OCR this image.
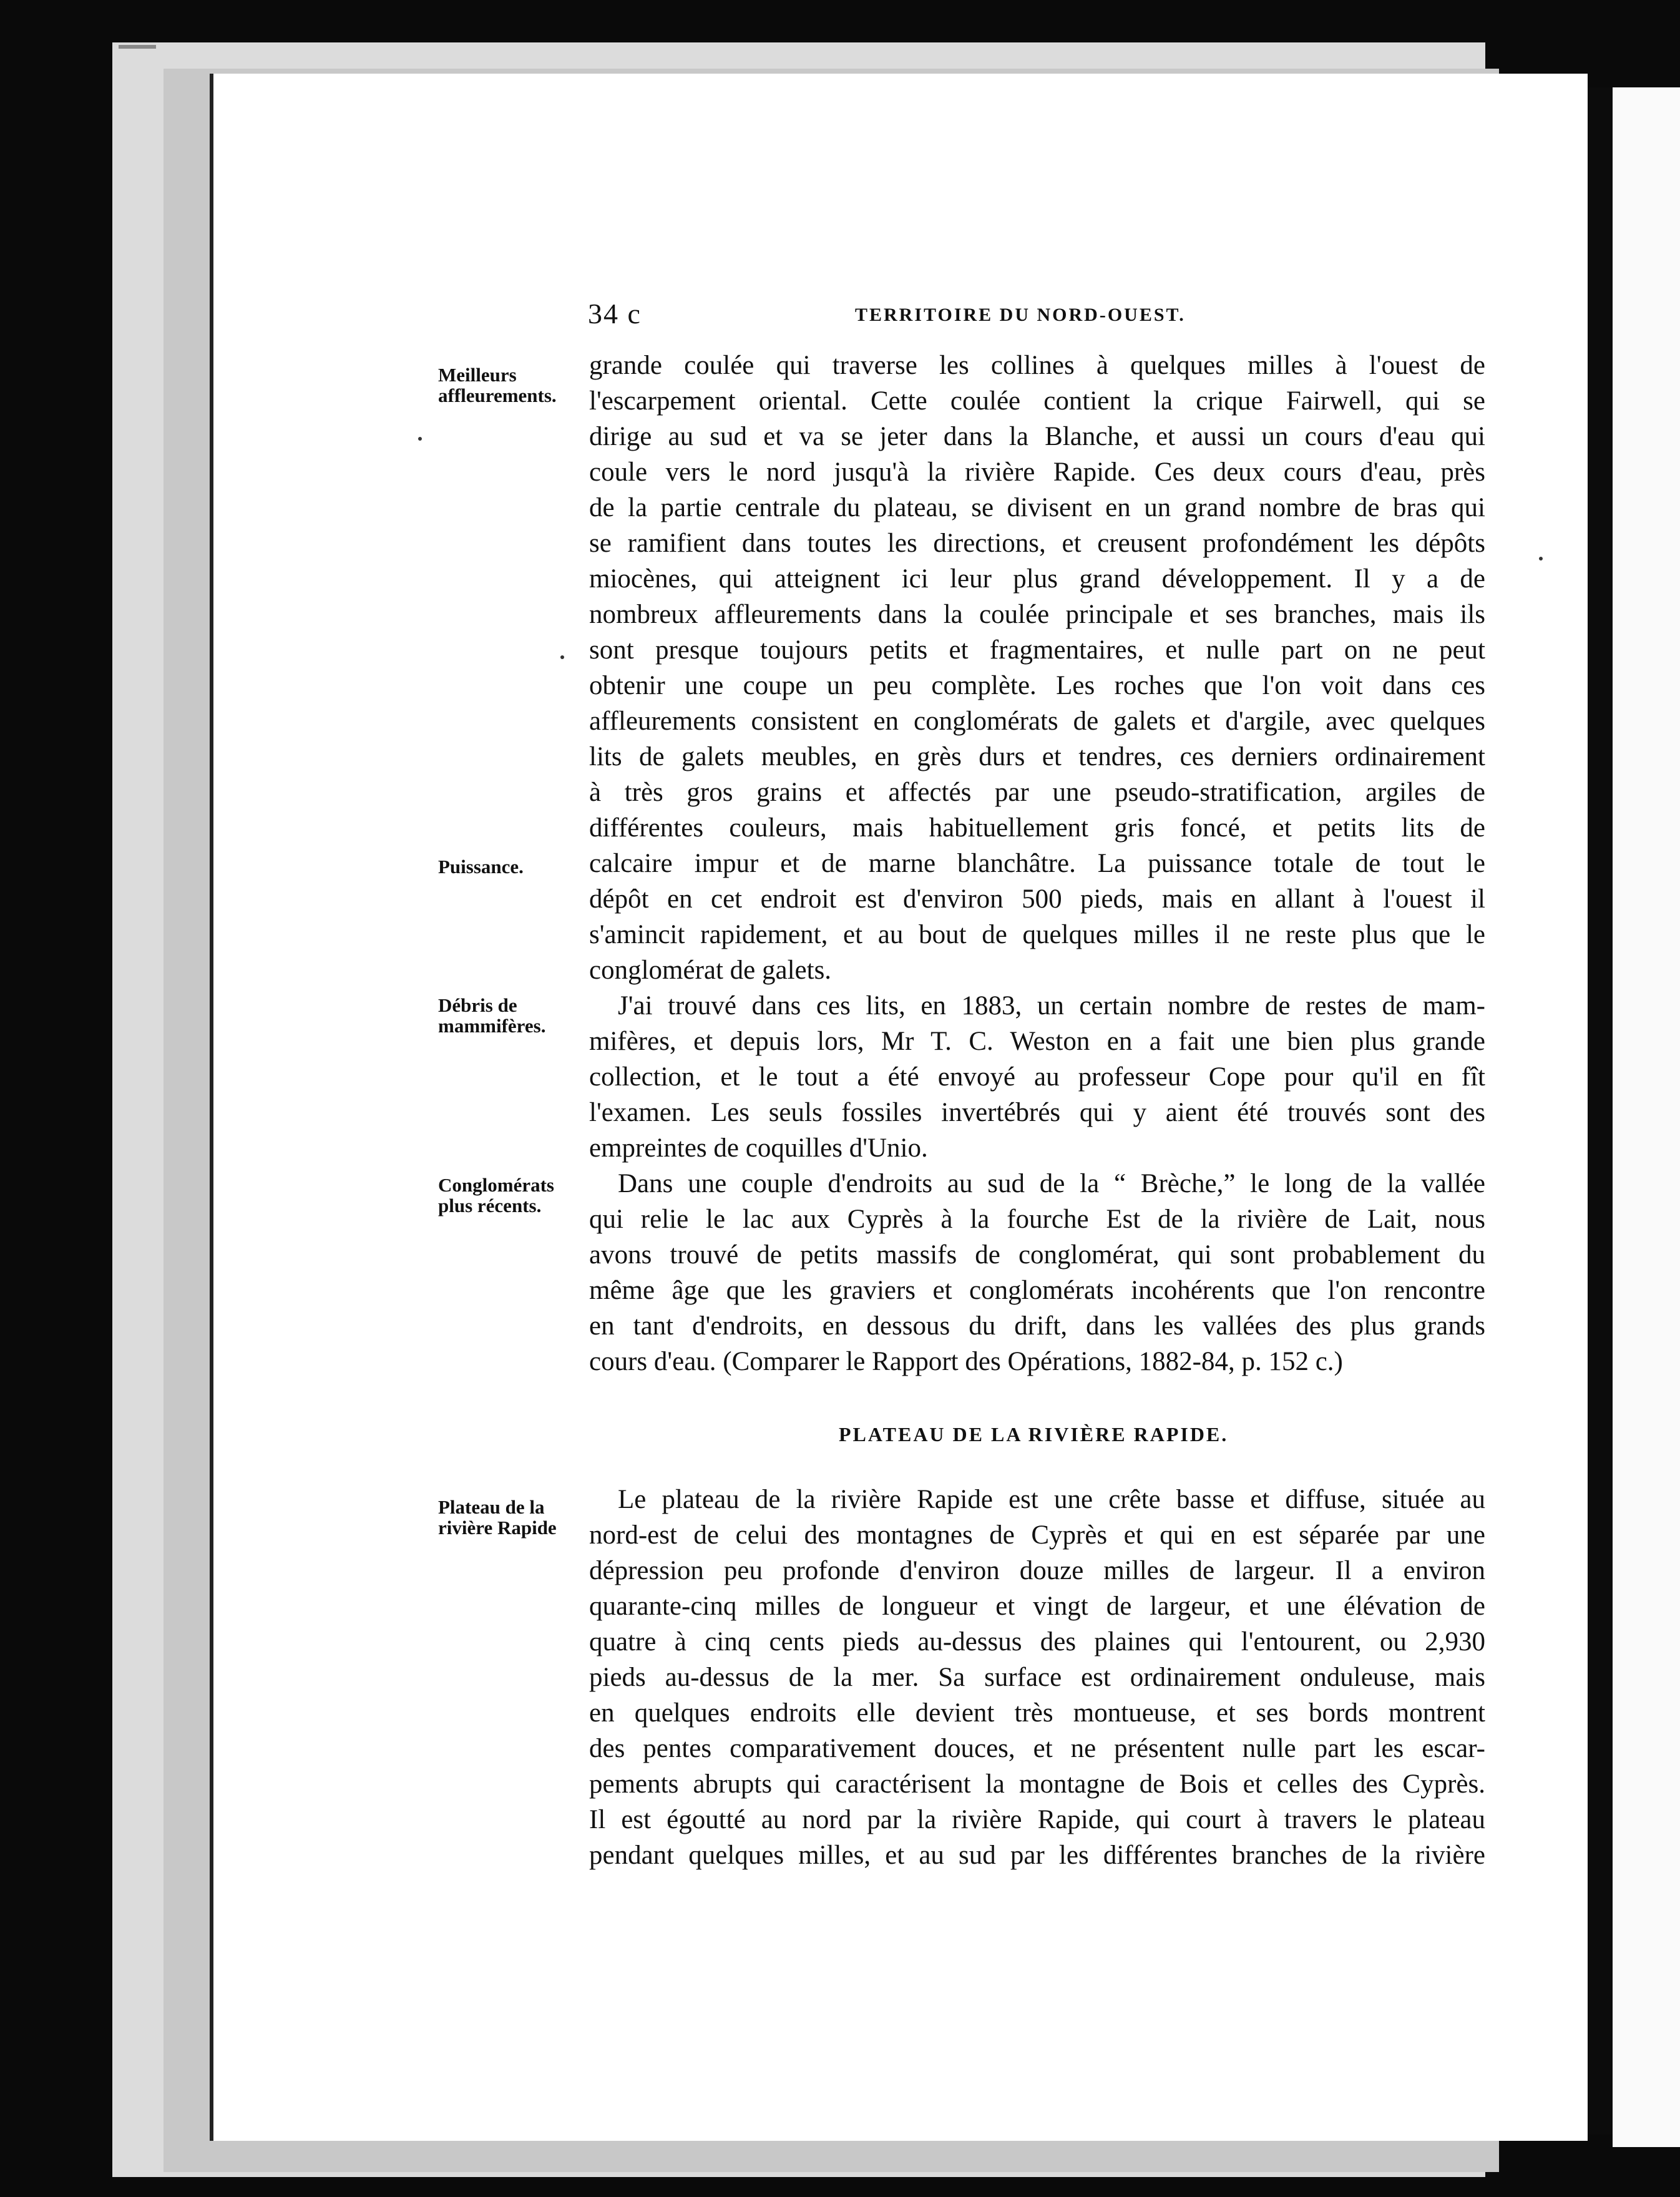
34 c	TERRITOIRE DU NORD-OUEST.
Meilleurs
affleurements.
Puissance.
Débris de
mammifères.
Conglomérats
plus récents.
Plateau de la
rivière Rapide
grande coulée qui traverse les collines à quelques milles à l'ouest de
l'escarpement oriental. Cette coulée contient la crique Fairwell, qui se
dirige au sud et va se jeter dans la Blanche, et aussi un cours d'eau qui
coule vers le nord jusqu'à la rivière Rapide. Ces deux cours d'eau, près
de la partie centrale du plateau, se divisent en un grand nombre de bras qui
se ramifient dans toutes les directions, et creusent profondément les dépôts
miocènes, qui atteignent ici leur plus grand développement. Il y a de
nombreux affleurements dans la coulée principale et ses branches, mais ils
sont presque toujours petits et fragmentaires, et nulle part on ne peut
obtenir une coupe un peu complète. Les roches que l'on voit dans ces
affleurements consistent en conglomérats de galets et d'argile, avec quelques
lits de galets meubles, en grès durs et tendres, ces derniers ordinairement
à très gros grains et affectés par une pseudo-stratification, argiles de
différentes couleurs, mais habituellement gris foncé, et petits lits de
calcaire impur et de marne blanchâtre. La puissance totale de tout le
dépôt en cet endroit est d'environ 500 pieds, mais en allant à l'ouest il
s'amincit rapidement, et au bout de quelques milles il ne reste plus que le
conglomérat de galets.
J'ai trouvé dans ces lits, en 1883, un certain nombre de restes de mam-
mifères, et depuis lors, Mr T. C. Weston en a fait une bien plus grande
collection, et le tout a été envoyé au professeur Cope pour qu'il en fît
l'examen. Les seuls fossiles invertébrés qui y aient été trouvés sont des
empreintes de coquilles d'Unio.
Dans une couple d'endroits au sud de la “ Brèche,” le long de la vallée
qui relie le lac aux Cyprès à la fourche Est de la rivière de Lait, nous
avons trouvé de petits massifs de conglomérat, qui sont probablement du
même âge que les graviers et conglomérats incohérents que l'on rencontre
en tant d'endroits, en dessous du drift, dans les vallées des plus grands
cours d'eau. (Comparer le Rapport des Opérations, 1882-84, p. 152 c.)
PLATEAU DE LA RIVIÈRE RAPIDE.
Le plateau de la rivière Rapide est une crête basse et diffuse, située au
nord-est de celui des montagnes de Cyprès et qui en est séparée par une
dépression peu profonde d'environ douze milles de largeur. Il a environ
quarante-cinq milles de longueur et vingt de largeur, et une élévation de
quatre à cinq cents pieds au-dessus des plaines qui l'entourent, ou 2,930
pieds au-dessus de la mer. Sa surface est ordinairement onduleuse, mais
en quelques endroits elle devient très montueuse, et ses bords montrent
des pentes comparativement douces, et ne présentent nulle part les escar-
pements abrupts qui caractérisent la montagne de Bois et celles des Cyprès.
Il est égoutté au nord par la rivière Rapide, qui court à travers le plateau
pendant quelques milles, et au sud par les différentes branches de la rivière
